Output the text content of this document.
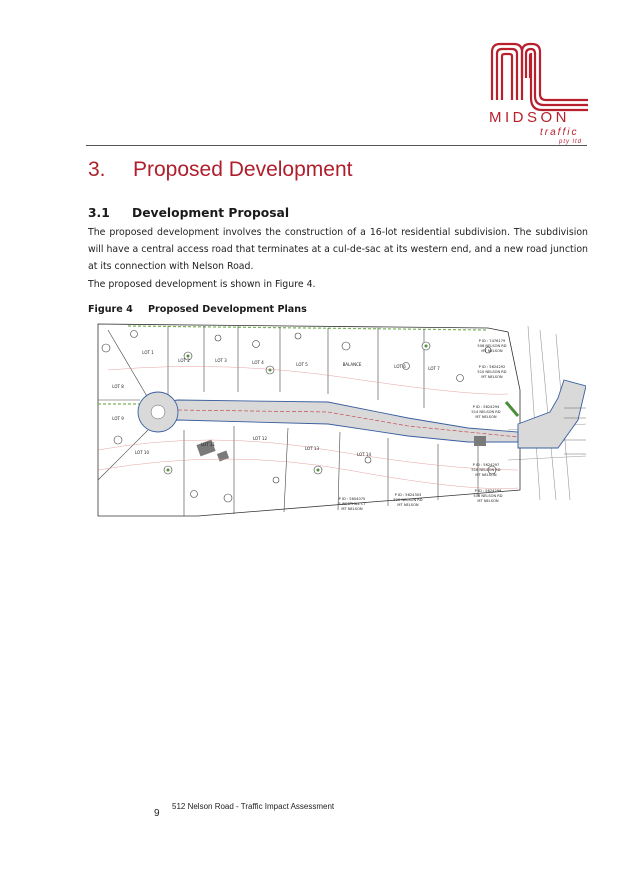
MIDSON
traffic
pty ltd
3. Proposed Development
3.1 Development Proposal
The proposed development involves the construction of a 16-lot residential subdivision. The subdivision will have a central access road that terminates at a cul-de-sac at its western end, and a new road junction at its connection with Nelson Road.
The proposed development is shown in Figure 4.
Figure 4 Proposed Development Plans
LOT 1
LOT 2	LOT 3	LOT 4	LOT 5	BALANCE	LOT 6	LOT 7
LOT 8
LOT 9
LOT 10
LOT 11
LOT 12
LOT 13
LOT 14
P ID : 7476179
508 NELSON RD
MT NELSON
P ID : 5624292
510 NELSON RD
MT NELSON
P ID : 5624294
514 NELSON RD
MT NELSON
P ID : 5624297
516 NELSON RD
MT NELSON
P ID : 5624299
518 NELSON RD
MT NELSON
P ID : 5624303
520 NELSON RD
MT NELSON
P ID : 5604075
5 WESTHILL CT
MT NELSON
9
512 Nelson Road - Traffic Impact Assessment
